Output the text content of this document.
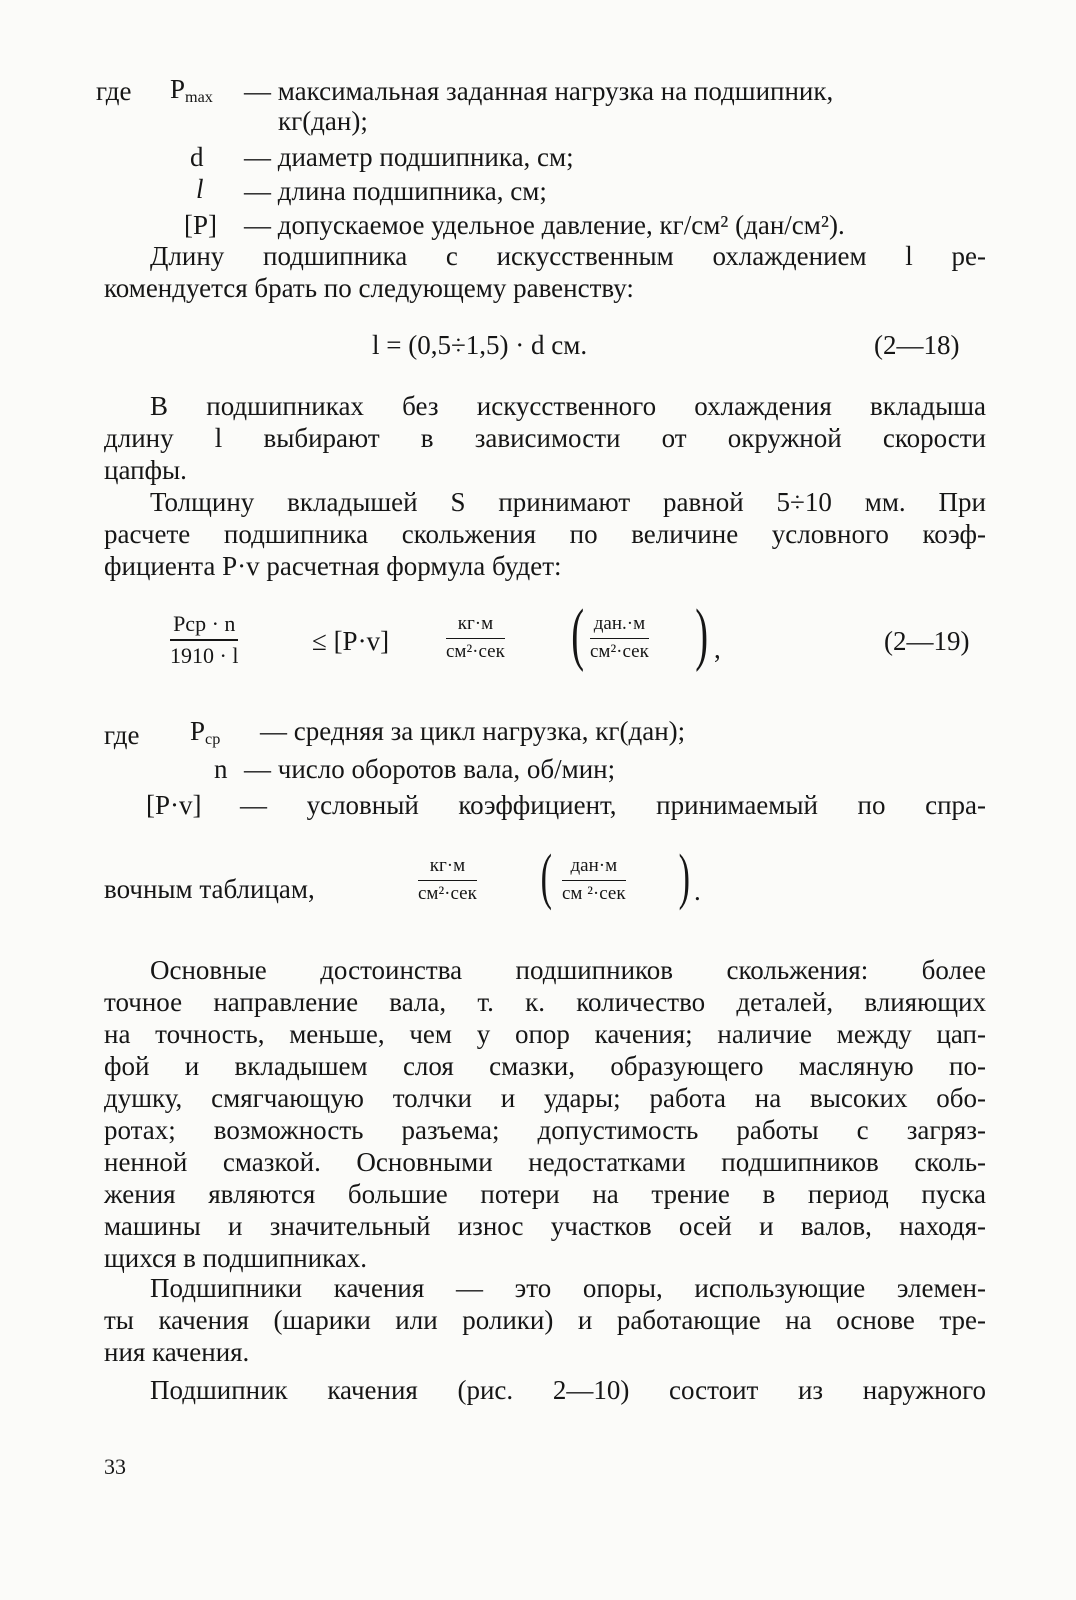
где $P_{max}$ — максимальная заданная нагрузка на подшипник,
кг(дан);
d — диаметр подшипника, см;
l — длина подшипника, см;
[P] — допускаемое удельное давление, кг/см² (дан/см²).
Длину подшипника с искусственным охлаждением l ре-
комендуется брать по следующему равенству:
l = (0,5÷1,5) · d см.	(2—18)
В подшипниках без искусственного охлаждения вкладыша
длину l выбирают в зависимости от окружной скорости
цапфы.
Толщину вкладышей S принимают равной 5÷10 мм. При
расчете подшипника скольжения по величине условного коэф-
фициента P·v расчетная формула будет:
Pср · n
1910 · l	≤ [P·v]
кг·м
см²·сек ( дан.·м
см²·сек ) ,	(2—19)
где $P_{ср}$ — средняя за цикл нагрузка, кг(дан);
n — число оборотов вала, об/мин;
[P·v] — условный коэффициент, принимаемый по спра-
вочным таблицам,
кг·м
см²·сек ( дан·м
см ²·сек ) .
Основные достоинства подшипников скольжения: более
точное направление вала, т. к. количество деталей, влияющих
на точность, меньше, чем у опор качения; наличие между цап-
фой и вкладышем слоя смазки, образующего масляную по-
душку, смягчающую толчки и удары; работа на высоких обо-
ротах; возможность разъема; допустимость работы с загряз-
ненной смазкой. Основными недостатками подшипников сколь-
жения являются большие потери на трение в период пуска
машины и значительный износ участков осей и валов, находя-
щихся в подшипниках.
Подшипники качения — это опоры, использующие элемен-
ты качения (шарики или ролики) и работающие на основе тре-
ния качения.
Подшипник качения (рис. 2—10) состоит из наружного
33
